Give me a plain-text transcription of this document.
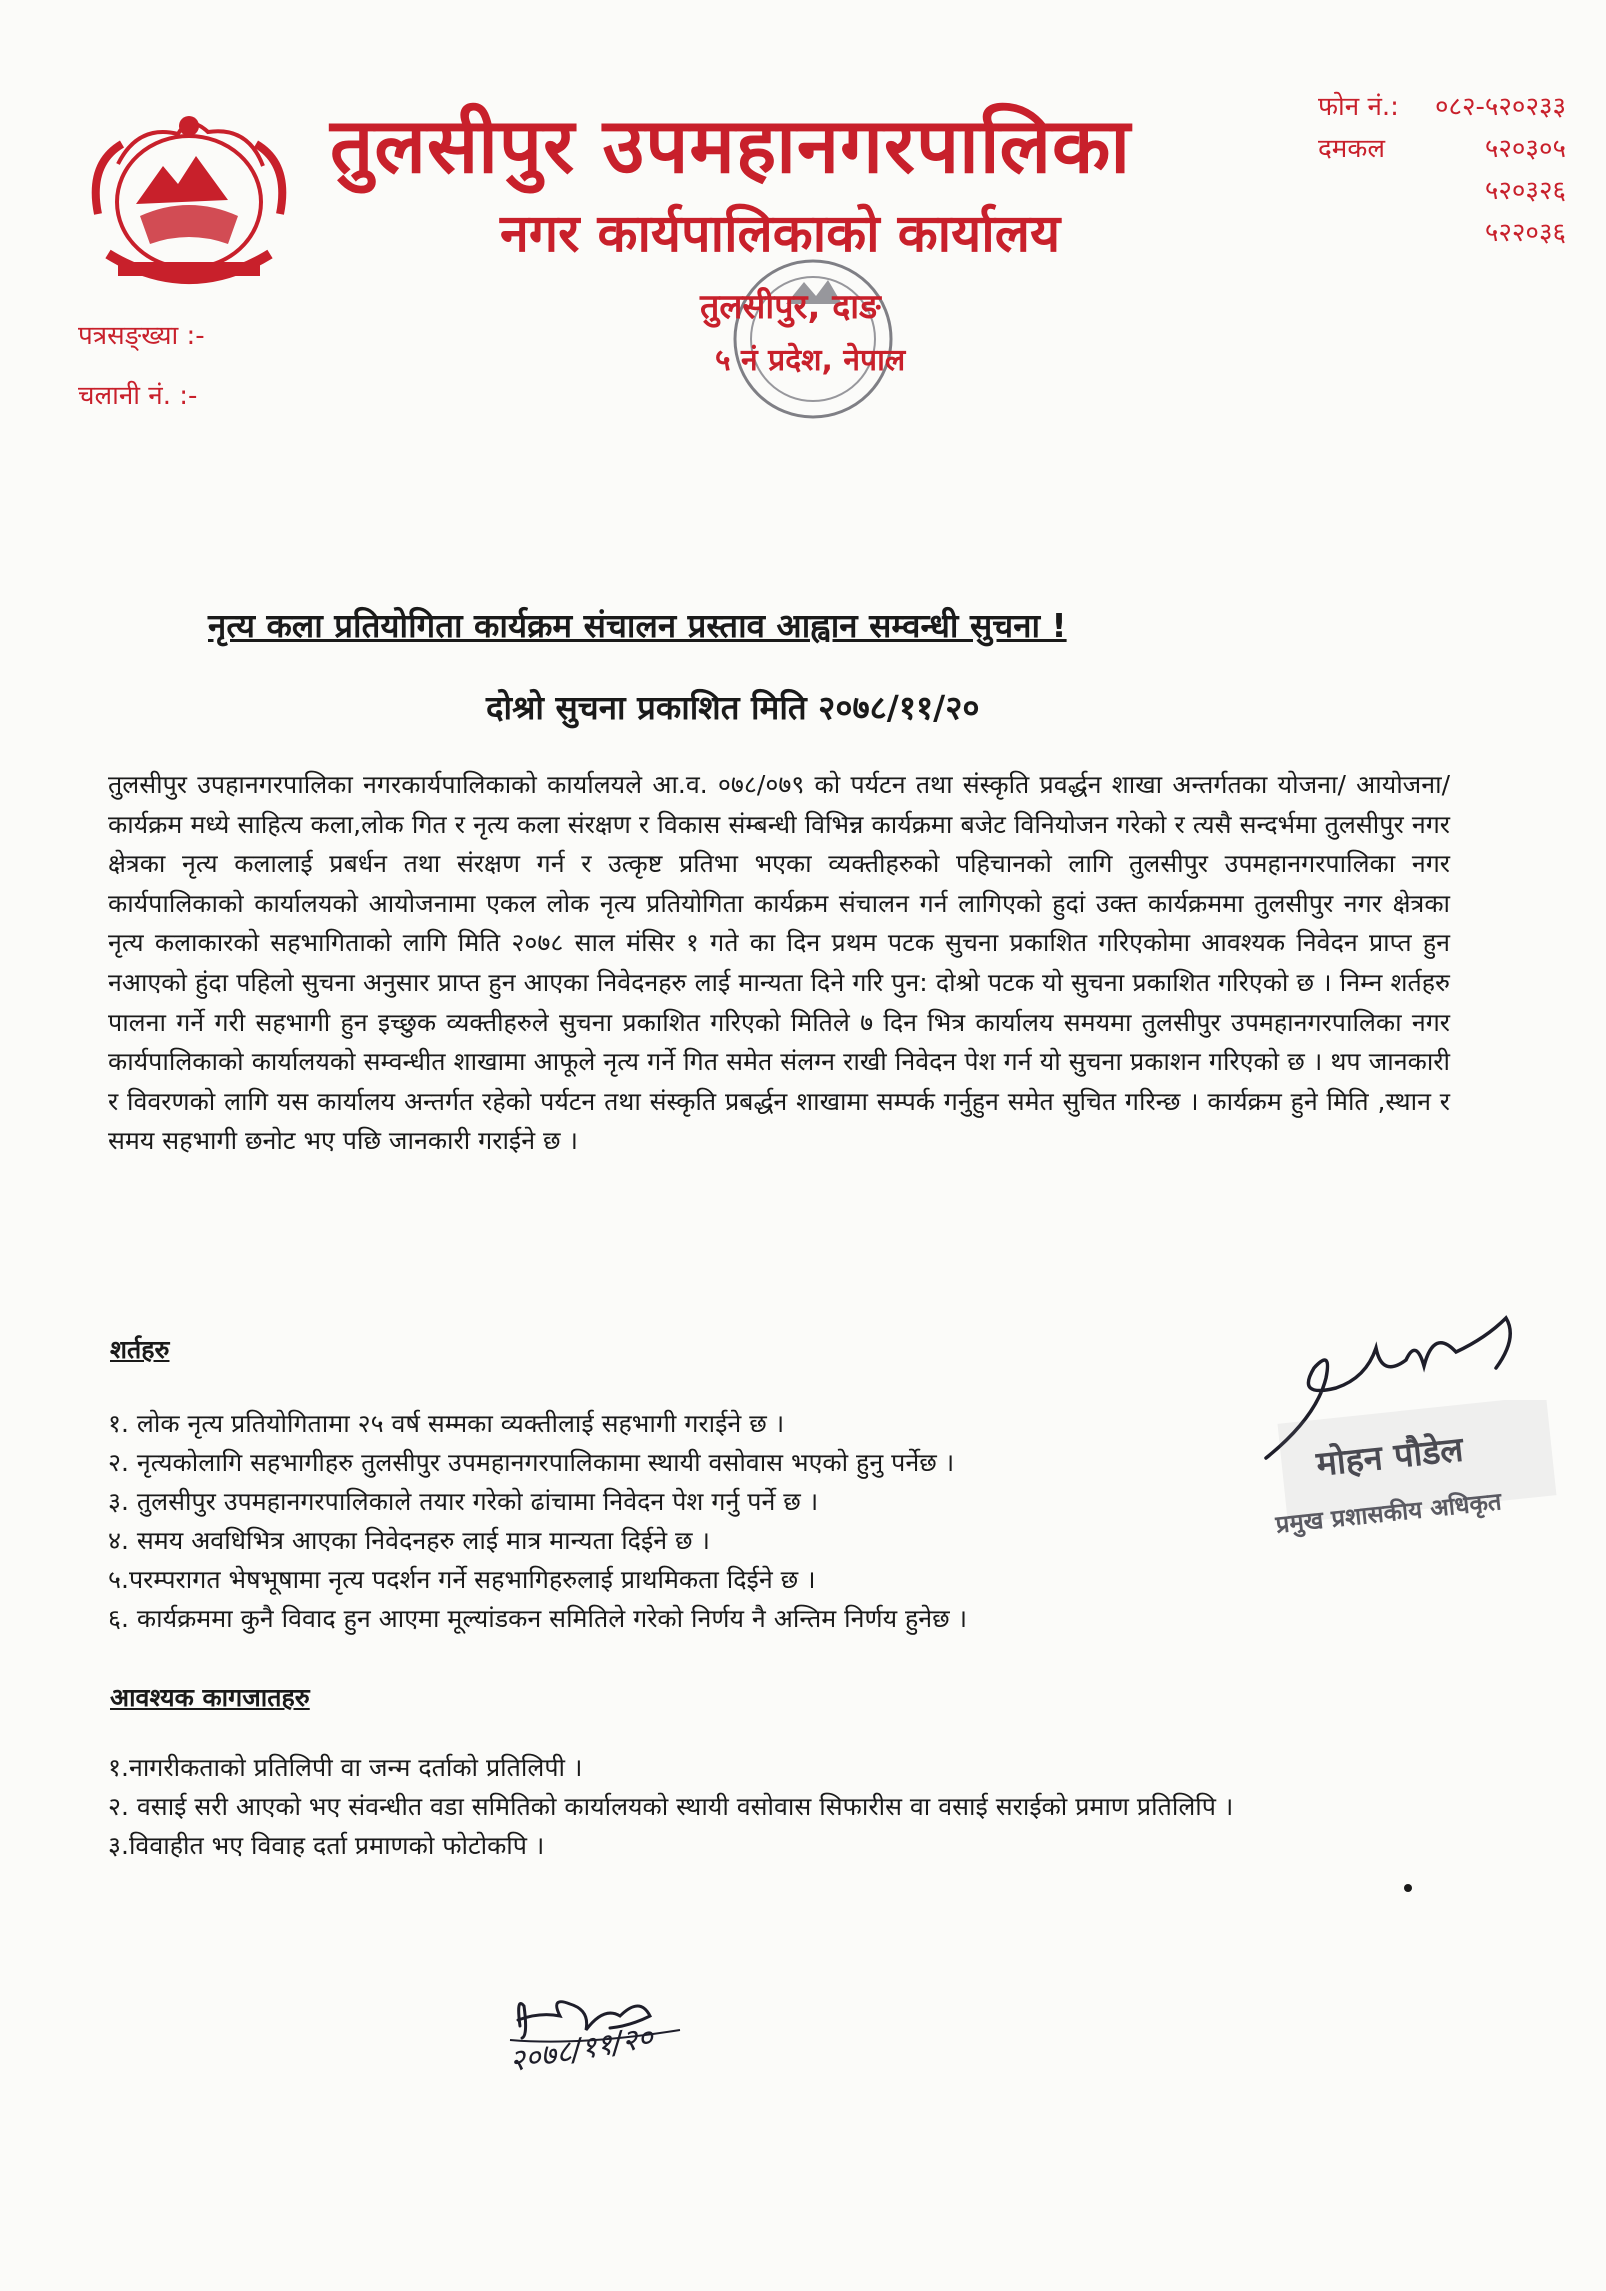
तुलसीपुर उपमहानगरपालिका
नगर कार्यपालिकाको कार्यालय
तुलसीपुर, दाङ
५ नं प्रदेश, नेपाल
फोन नं.: ०८२-५२०२३३
दमकल	५२०३०५
५२०३२६
५२२०३६
पत्रसङ्ख्या :-
चलानी नं. :-
नृत्य कला प्रतियोगिता कार्यक्रम संचालन प्रस्ताव आह्वान सम्वन्धी सुचना !
दोश्रो सुचना प्रकाशित मिति २०७८/११/२०
तुलसीपुर उपहानगरपालिका नगरकार्यपालिकाको कार्यालयले आ.व. ०७८/०७९ को पर्यटन तथा संस्कृति प्रवर्द्धन शाखा अन्तर्गतका योजना/ आयोजना/ कार्यक्रम मध्ये साहित्य कला,लोक गित र नृत्य कला संरक्षण र विकास संम्बन्धी विभिन्न कार्यक्रमा बजेट विनियोजन गरेको र त्यसै सन्दर्भमा तुलसीपुर नगर क्षेत्रका नृत्य कलालाई प्रबर्धन तथा संरक्षण गर्न र उत्कृष्ट प्रतिभा भएका व्यक्तीहरुको पहिचानको लागि तुलसीपुर उपमहानगरपालिका नगर कार्यपालिकाको कार्यालयको आयोजनामा एकल लोक नृत्य प्रतियोगिता कार्यक्रम संचालन गर्न लागिएको हुदां उक्त कार्यक्रममा तुलसीपुर नगर क्षेत्रका नृत्य कलाकारको सहभागिताको लागि मिति २०७८ साल मंसिर १ गते का दिन प्रथम पटक सुचना प्रकाशित गरिएकोमा आवश्यक निवेदन प्राप्त हुन नआएको हुंदा पहिलो सुचना अनुसार प्राप्त हुन आएका निवेदनहरु लाई मान्यता दिने गरि पुन: दोश्रो पटक यो सुचना प्रकाशित गरिएको छ । निम्न शर्तहरु पालना गर्ने गरी सहभागी हुन इच्छुक व्यक्तीहरुले सुचना प्रकाशित गरिएको मितिले ७ दिन भित्र कार्यालय समयमा तुलसीपुर उपमहानगरपालिका नगर कार्यपालिकाको कार्यालयको सम्वन्धीत शाखामा आफूले नृत्य गर्ने गित समेत संलग्न राखी निवेदन पेश गर्न यो सुचना प्रकाशन गरिएको छ । थप जानकारी र विवरणको लागि यस कार्यालय अन्तर्गत रहेको पर्यटन तथा संस्कृति प्रबर्द्धन शाखामा सम्पर्क गर्नुहुन समेत सुचित गरिन्छ । कार्यक्रम हुने मिति ,स्थान र समय सहभागी छनोट भए पछि जानकारी गराईने छ ।
शर्तहरु
१. लोक नृत्य प्रतियोगितामा २५ वर्ष सम्मका व्यक्तीलाई सहभागी गराईने छ ।
२. नृत्यकोलागि सहभागीहरु तुलसीपुर उपमहानगरपालिकामा स्थायी वसोवास भएको हुनु पर्नेछ ।
३. तुलसीपुर उपमहानगरपालिकाले तयार गरेको ढांचामा निवेदन पेश गर्नु पर्ने छ ।
४. समय अवधिभित्र आएका निवेदनहरु लाई मात्र मान्यता दिईने छ ।
५.परम्परागत भेषभूषामा नृत्य पदर्शन गर्ने सहभागिहरुलाई प्राथमिकता दिईने छ ।
६. कार्यक्रममा कुनै विवाद हुन आएमा मूल्यांडकन समितिले गरेको निर्णय नै अन्तिम निर्णय हुनेछ ।
मोहन पौडेल
प्रमुख प्रशासकीय अधिकृत
आवश्यक कागजातहरु
१.नागरीकताको प्रतिलिपी वा जन्म दर्ताको प्रतिलिपी ।
२. वसाई सरी आएको भए संवन्धीत वडा समितिको कार्यालयको स्थायी वसोवास सिफारीस वा वसाई सराईको प्रमाण प्रतिलिपि ।
३.विवाहीत भए विवाह दर्ता प्रमाणको फोटोकपि ।
२०७८/११/२०
